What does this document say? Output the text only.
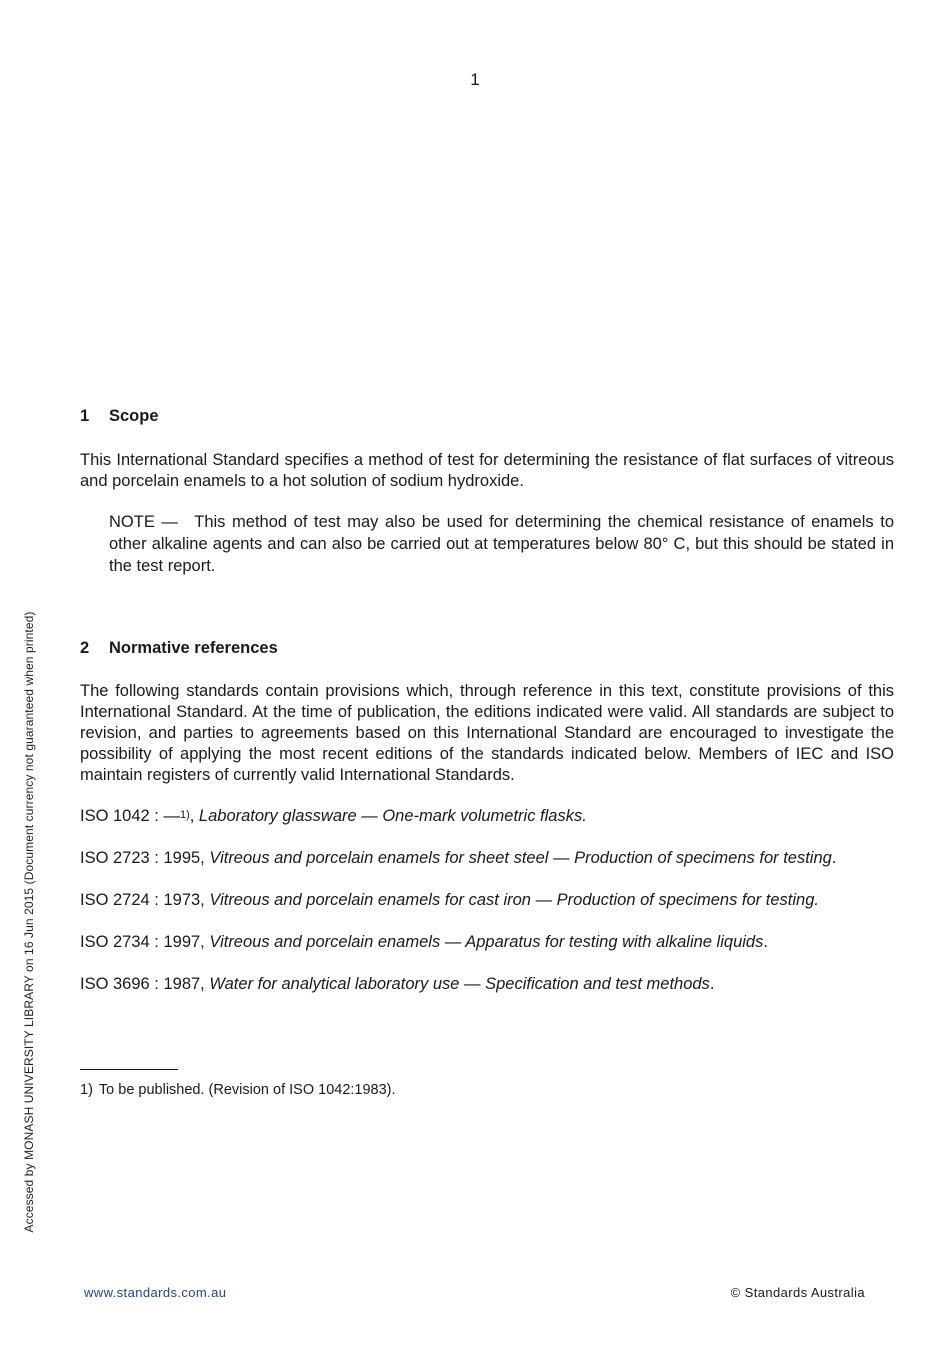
1
Accessed by MONASH UNIVERSITY LIBRARY on 16 Jun 2015 (Document currency not guaranteed when printed)
1 Scope

This International Standard specifies a method of test for determining the resistance of flat surfaces of vitreous and porcelain enamels to a hot solution of sodium hydroxide.

NOTE — This method of test may also be used for determining the chemical resistance of enamels to other alkaline agents and can also be carried out at temperatures below 80° C, but this should be stated in the test report.

2 Normative references

The following standards contain provisions which, through reference in this text, constitute provisions of this International Standard. At the time of publication, the editions indicated were valid. All standards are subject to revision, and parties to agreements based on this International Standard are encouraged to investigate the possibility of applying the most recent editions of the standards indicated below. Members of IEC and ISO maintain registers of currently valid International Standards.

ISO 1042 : —$^{1)}$, Laboratory glassware — One-mark volumetric flasks.

ISO 2723 : 1995, Vitreous and porcelain enamels for sheet steel — Production of specimens for testing.

ISO 2724 : 1973, Vitreous and porcelain enamels for cast iron — Production of specimens for testing.

ISO 2734 : 1997, Vitreous and porcelain enamels — Apparatus for testing with alkaline liquids.

ISO 3696 : 1987, Water for analytical laboratory use — Specification and test methods.

1) To be published. (Revision of ISO 1042:1983).
www.standards.com.au	© Standards Australia
